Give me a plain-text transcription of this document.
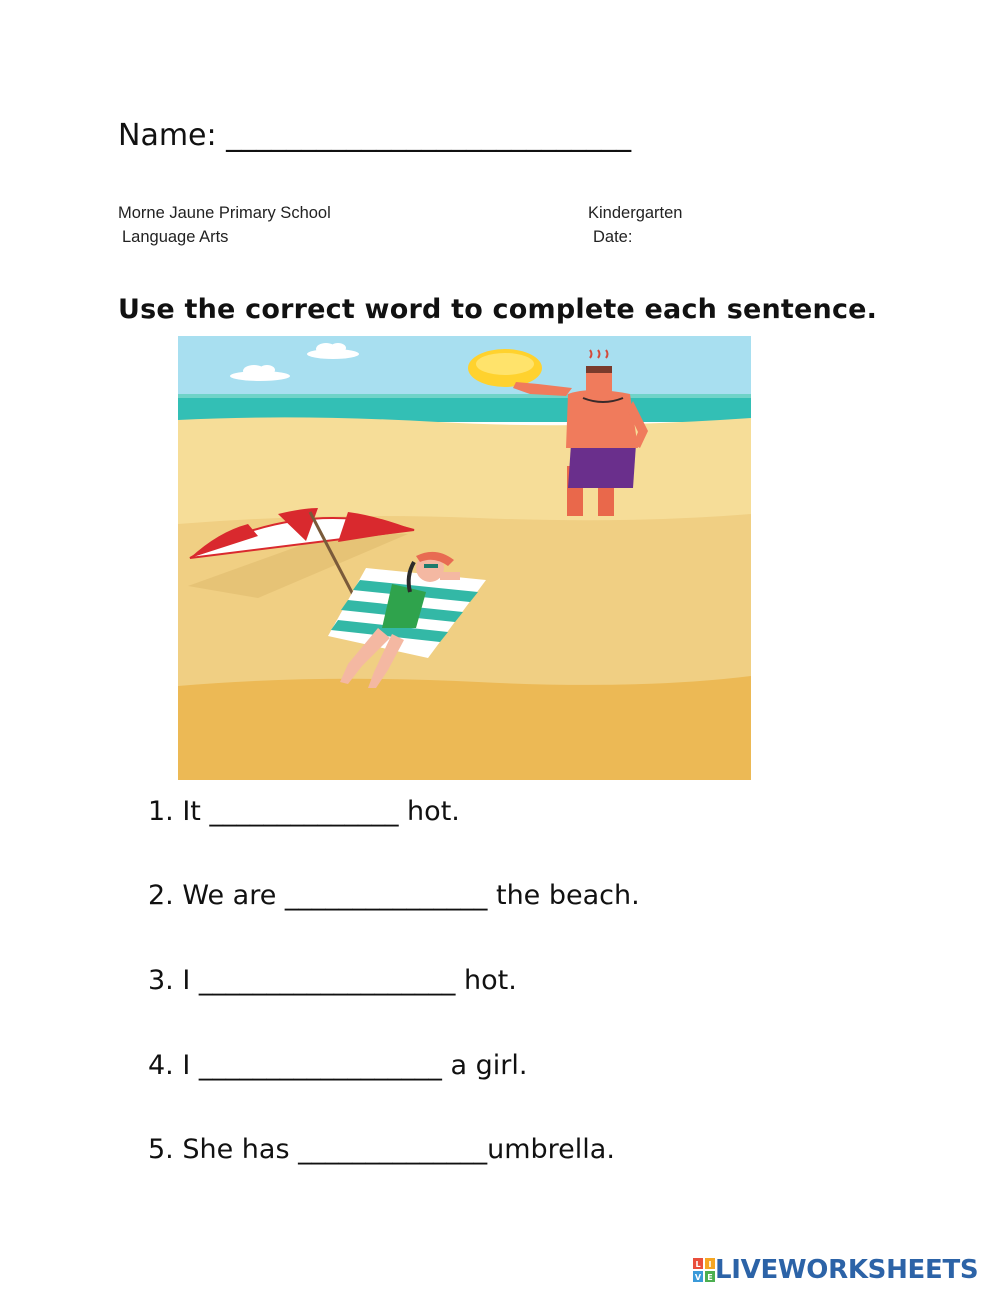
Name: ___________________________
Morne Jaune Primary School
Language Arts
Kindergarten
Date:
Use the correct word to complete each sentence.
1. It ______________ hot.
2. We are _______________ the beach.
3. I ___________________ hot.
4. I __________________ a girl.
5. She has ______________umbrella.
L I
V E LIVEWORKSHEETS
